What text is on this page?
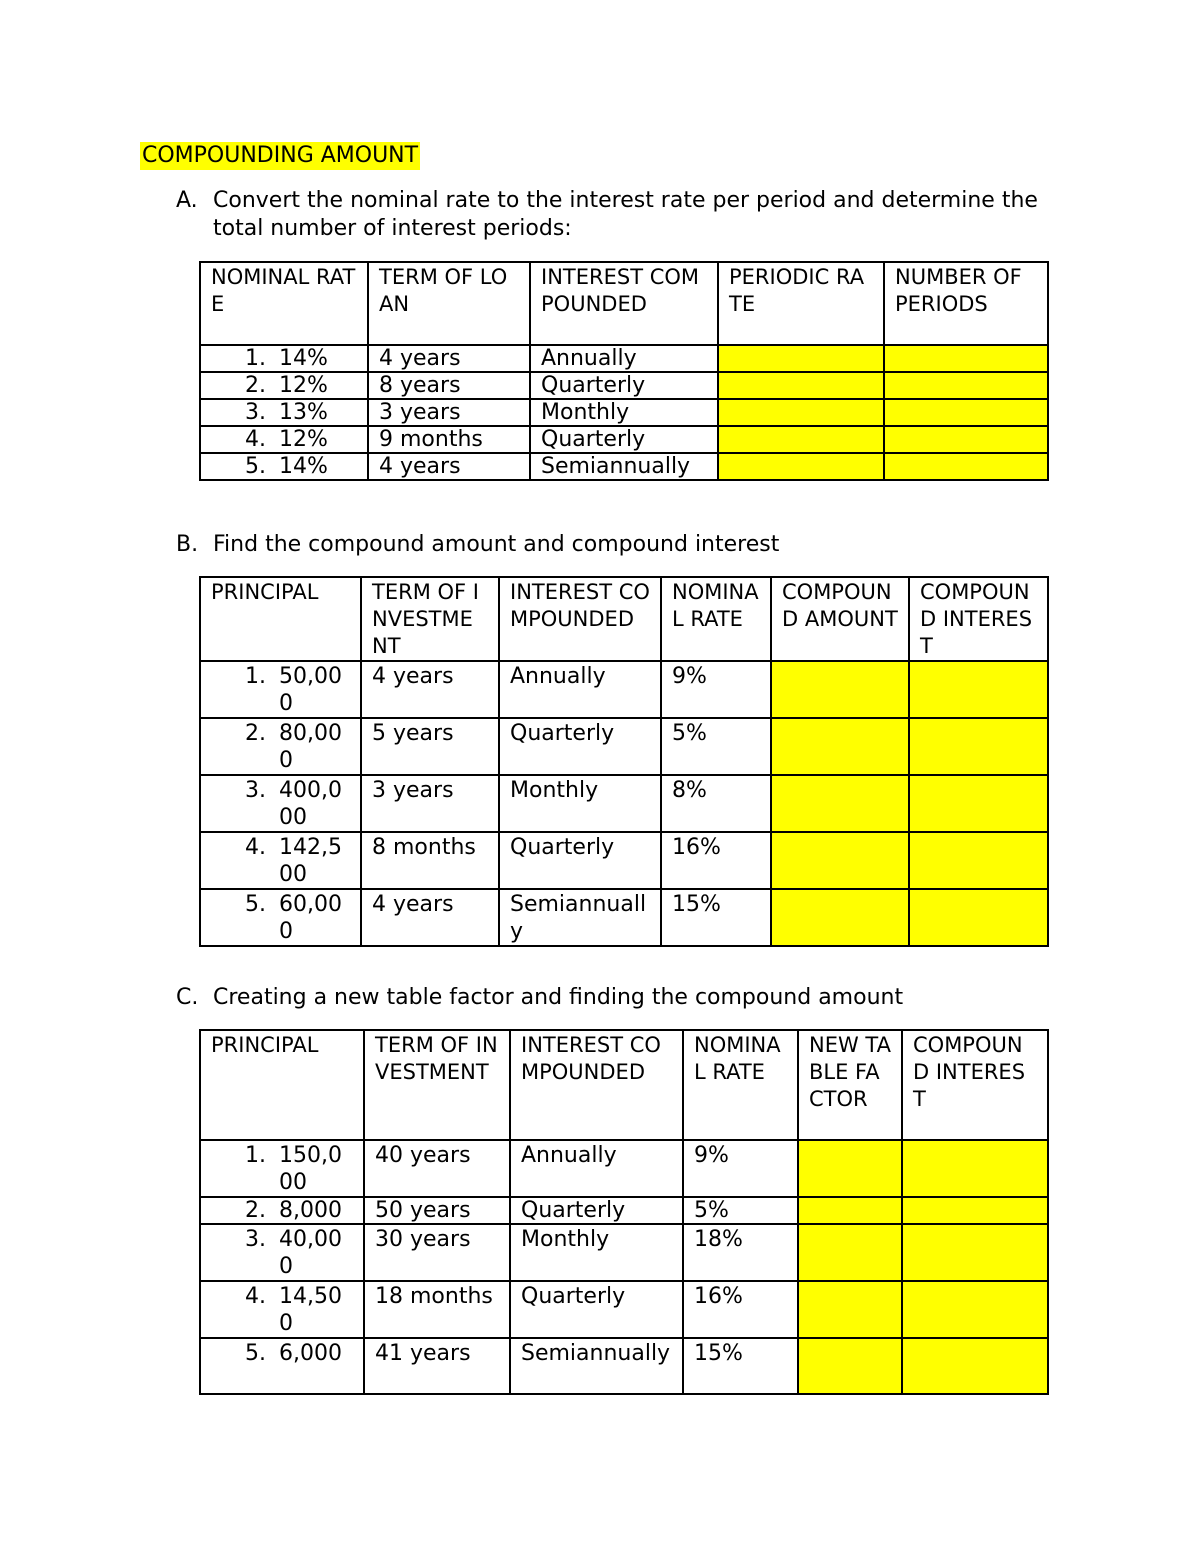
COMPOUNDING AMOUNT
A. Convert the nominal rate to the interest rate per period and determine the total number of interest periods:
NOMINAL RATE	TERM OF LOAN	INTEREST COMPOUNDED	PERIODIC RATE	NUMBER OF PERIODS

1. 14%	4 years	Annually		

2. 12%	8 years	Quarterly		

3. 13%	3 years	Monthly		

4. 12%	9 months	Quarterly		

5. 14%	4 years	Semiannually		
B. Find the compound amount and compound interest
PRINCIPAL	TERM OF INVESTMENT	INTEREST COMPOUNDED	NOMINAL RATE	COMPOUND AMOUNT	COMPOUND INTEREST

1. 50,000	4 years	Annually	9%		

2. 80,000	5 years	Quarterly	5%		

3. 400,000	3 years	Monthly	8%		

4. 142,500	8 months	Quarterly	16%		

5. 60,000	4 years	Semiannually	15%		
C. Creating a new table factor and finding the compound amount
PRINCIPAL	TERM OF INVESTMENT	INTEREST COMPOUNDED	NOMINAL RATE	NEW TABLE FACTOR	COMPOUND INTEREST

1. 150,000	40 years	Annually	9%		

2. 8,000	50 years	Quarterly	5%		

3. 40,000	30 years	Monthly	18%		

4. 14,500	18 months	Quarterly	16%		

5. 6,000	41 years	Semiannually	15%		
